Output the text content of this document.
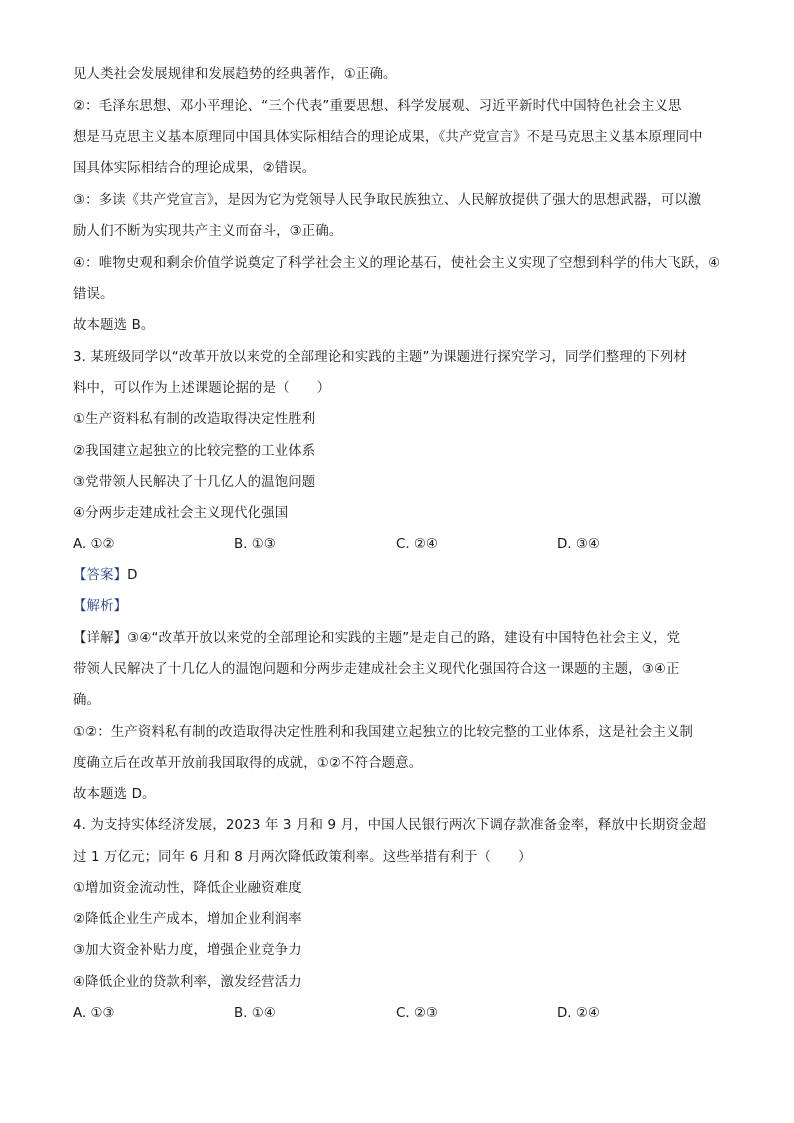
见人类社会发展规律和发展趋势的经典著作，①正确。
②：毛泽东思想、邓小平理论、“三个代表”重要思想、科学发展观、习近平新时代中国特色社会主义思
想是马克思主义基本原理同中国具体实际相结合的理论成果，《共产党宣言》不是马克思主义基本原理同中
国具体实际相结合的理论成果，②错误。
③：多读《共产党宣言》，是因为它为党领导人民争取民族独立、人民解放提供了强大的思想武器，可以激
励人们不断为实现共产主义而奋斗，③正确。
④：唯物史观和剩余价值学说奠定了科学社会主义的理论基石，使社会主义实现了空想到科学的伟大飞跃，④
错误。
故本题选 B。
3. 某班级同学以“改革开放以来党的全部理论和实践的主题”为课题进行探究学习，同学们整理的下列材
料中，可以作为上述课题论据的是（　　）
①生产资料私有制的改造取得决定性胜利
②我国建立起独立的比较完整的工业体系
③党带领人民解决了十几亿人的温饱问题
④分两步走建成社会主义现代化强国
A. ①②	B. ①③	C. ②④	D. ③④
【答案】D
【解析】
【详解】③④“改革开放以来党的全部理论和实践的主题”是走自己的路，建设有中国特色社会主义，党
带领人民解决了十几亿人的温饱问题和分两步走建成社会主义现代化强国符合这一课题的主题，③④正
确。
①②：生产资料私有制的改造取得决定性胜利和我国建立起独立的比较完整的工业体系，这是社会主义制
度确立后在改革开放前我国取得的成就，①②不符合题意。
故本题选 D。
4. 为支持实体经济发展，2023 年 3 月和 9 月，中国人民银行两次下调存款准备金率，释放中长期资金超
过 1 万亿元；同年 6 月和 8 月两次降低政策利率。这些举措有利于（　　）
①增加资金流动性，降低企业融资难度
②降低企业生产成本，增加企业利润率
③加大资金补贴力度，增强企业竞争力
④降低企业的贷款利率，激发经营活力
A. ①③	B. ①④	C. ②③	D. ②④
